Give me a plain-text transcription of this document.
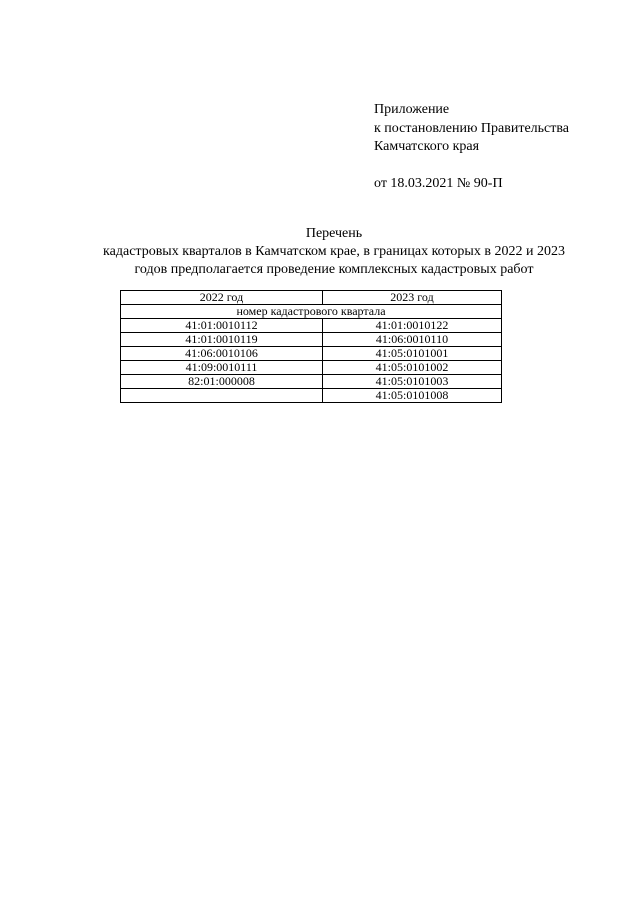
Приложение
к постановлению Правительства
Камчатского края
от 18.03.2021 № 90-П
Перечень
кадастровых кварталов в Камчатском крае, в границах которых в 2022 и 2023
годов предполагается проведение комплексных кадастровых работ
2022 год	2023 год
номер кадастрового квартала	
41:01:0010112	41:01:0010122
41:01:0010119	41:06:0010110
41:06:0010106	41:05:0101001
41:09:0010111	41:05:0101002
82:01:000008	41:05:0101003
	41:05:0101008
